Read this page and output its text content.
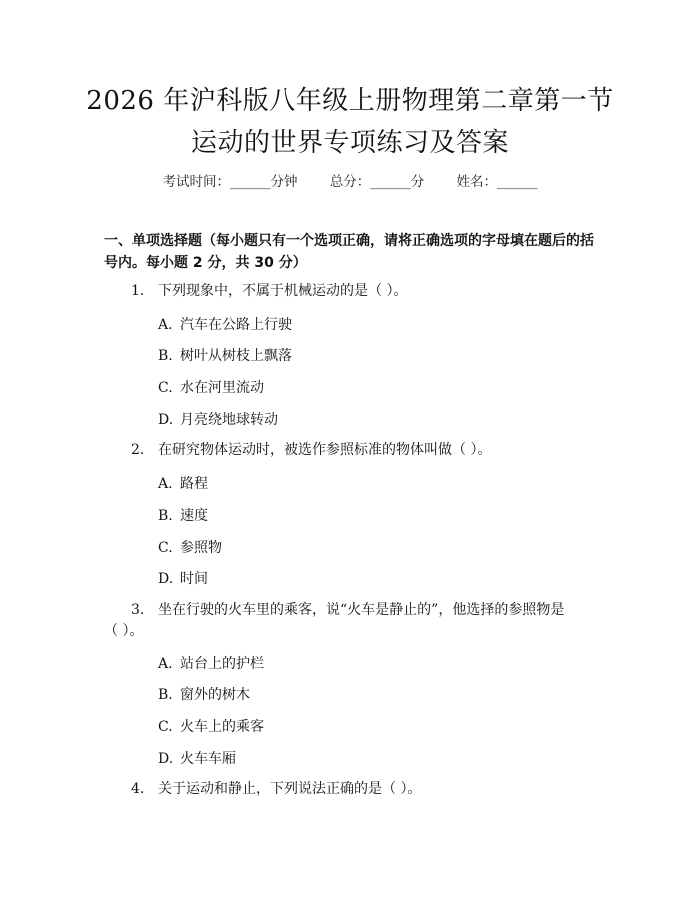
2026 年沪科版八年级上册物理第二章第一节
运动的世界专项练习及答案
考试时间：______分钟 总分：______分 姓名：______
一、单项选择题（每小题只有一个选项正确，请将正确选项的字母填在题后的括号内。每小题 2 分，共 30 分）
1. 下列现象中，不属于机械运动的是（ ）。
A. 汽车在公路上行驶
B. 树叶从树枝上飘落
C. 水在河里流动
D. 月亮绕地球转动
2. 在研究物体运动时，被选作参照标准的物体叫做（ ）。
A. 路程
B. 速度
C. 参照物
D. 时间
3. 坐在行驶的火车里的乘客，说“火车是静止的”，他选择的参照物是
（ ）。
A. 站台上的护栏
B. 窗外的树木
C. 火车上的乘客
D. 火车车厢
4. 关于运动和静止，下列说法正确的是（ ）。
